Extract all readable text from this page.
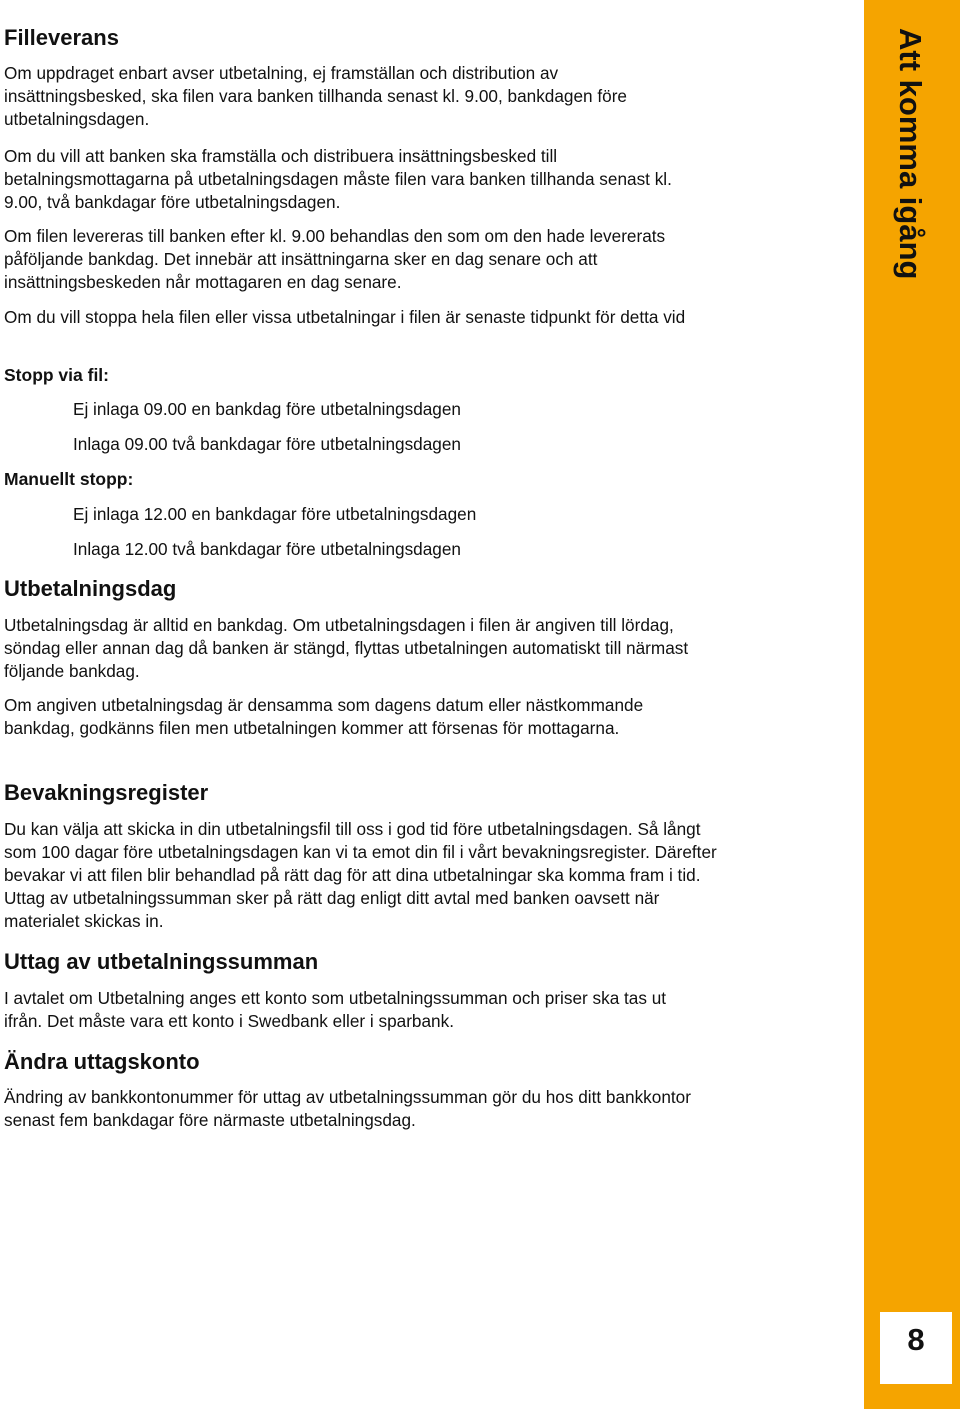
Filleverans

Om uppdraget enbart avser utbetalning, ej framställan och distribution av insättningsbesked, ska filen vara banken tillhanda senast kl. 9.00, bankdagen före utbetalningsdagen.

Om du vill att banken ska framställa och distribuera insättningsbesked till betalningsmottagarna på utbetalningsdagen måste filen vara banken tillhanda senast kl. 9.00, två bankdagar före utbetalningsdagen.

Om filen levereras till banken efter kl. 9.00 behandlas den som om den hade levererats påföljande bankdag. Det innebär att insättningarna sker en dag senare och att insättningsbeskeden når mottagaren en dag senare.

Om du vill stoppa hela filen eller vissa utbetalningar i filen är senaste tidpunkt för detta vid

Stopp via fil:
Ej inlaga 09.00 en bankdag före utbetalningsdagen
Inlaga 09.00 två bankdagar före utbetalningsdagen
Manuellt stopp:
Ej inlaga 12.00 en bankdagar före utbetalningsdagen
Inlaga 12.00 två bankdagar före utbetalningsdagen
Utbetalningsdag

Utbetalningsdag är alltid en bankdag. Om utbetalningsdagen i filen är angiven till lördag, söndag eller annan dag då banken är stängd, flyttas utbetalningen automatiskt till närmast följande bankdag.

Om angiven utbetalningsdag är densamma som dagens datum eller nästkommande bankdag, godkänns filen men utbetalningen kommer att försenas för mottagarna.

Bevakningsregister

Du kan välja att skicka in din utbetalningsfil till oss i god tid före utbetalningsdagen. Så långt som 100 dagar före utbetalningsdagen kan vi ta emot din fil i vårt bevakningsregister. Därefter bevakar vi att filen blir behandlad på rätt dag för att dina utbetalningar ska komma fram i tid. Uttag av utbetalningssumman sker på rätt dag enligt ditt avtal med banken oavsett när materialet skickas in.

Uttag av utbetalningssumman

I avtalet om Utbetalning anges ett konto som utbetalningssumman och priser ska tas ut ifrån. Det måste vara ett konto i Swedbank eller i sparbank.

Ändra uttagskonto

Ändring av bankkontonummer för uttag av utbetalningssumman gör du hos ditt bankkontor senast fem bankdagar före närmaste utbetalningsdag.

Att komma igång
8
